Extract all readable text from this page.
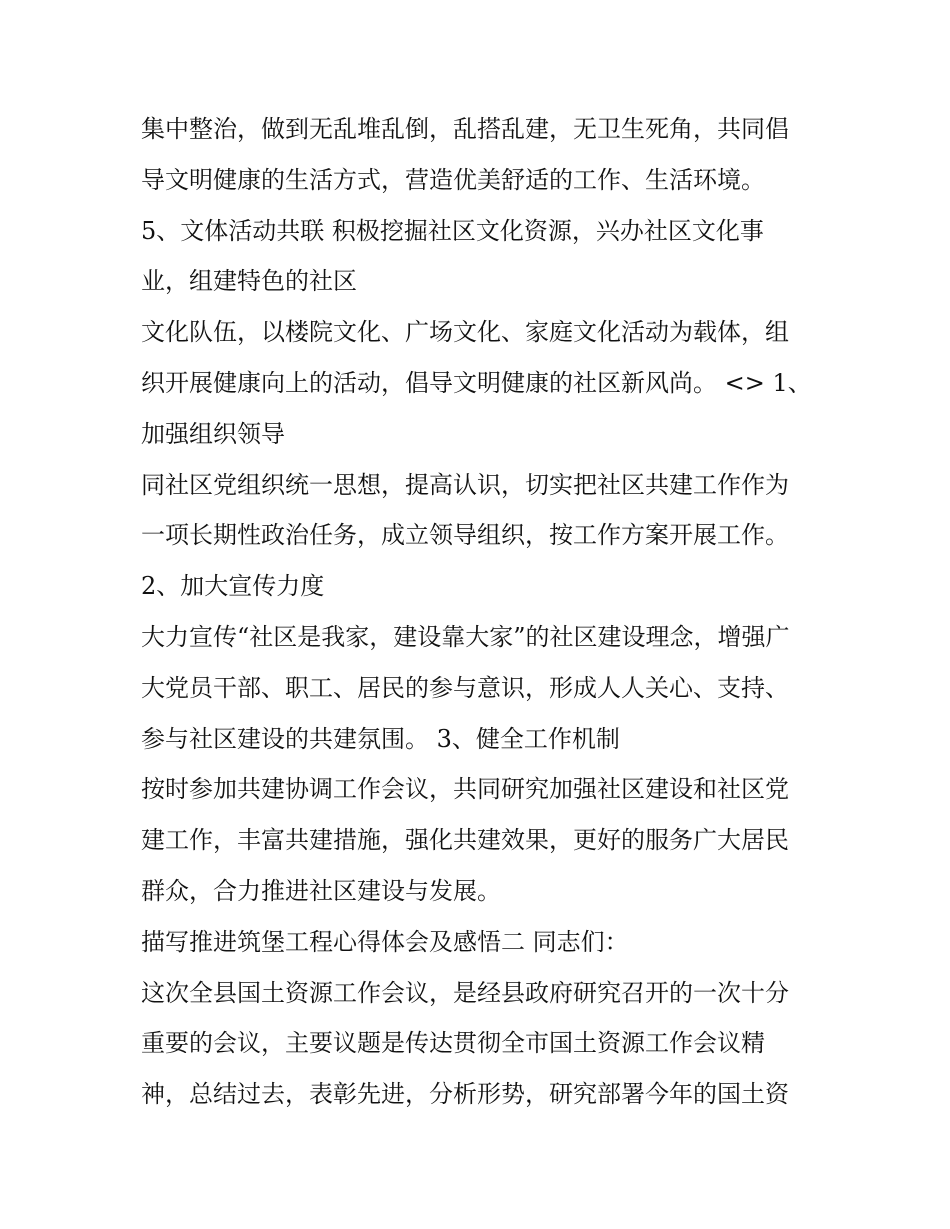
集中整治，做到无乱堆乱倒，乱搭乱建，无卫生死角，共同倡
导文明健康的生活方式，营造优美舒适的工作、生活环境。
5、文体活动共联 积极挖掘社区文化资源，兴办社区文化事
业，组建特色的社区
文化队伍，以楼院文化、广场文化、家庭文化活动为载体，组
织开展健康向上的活动，倡导文明健康的社区新风尚。 <> 1、
加强组织领导
同社区党组织统一思想，提高认识，切实把社区共建工作作为
一项长期性政治任务，成立领导组织，按工作方案开展工作。
2、加大宣传力度
大力宣传“社区是我家，建设靠大家”的社区建设理念，增强广
大党员干部、职工、居民的参与意识，形成人人关心、支持、
参与社区建设的共建氛围。 3、健全工作机制
按时参加共建协调工作会议，共同研究加强社区建设和社区党
建工作，丰富共建措施，强化共建效果，更好的服务广大居民
群众，合力推进社区建设与发展。
描写推进筑堡工程心得体会及感悟二 同志们：
这次全县国土资源工作会议，是经县政府研究召开的一次十分
重要的会议，主要议题是传达贯彻全市国土资源工作会议精
神，总结过去，表彰先进，分析形势，研究部署今年的国土资
